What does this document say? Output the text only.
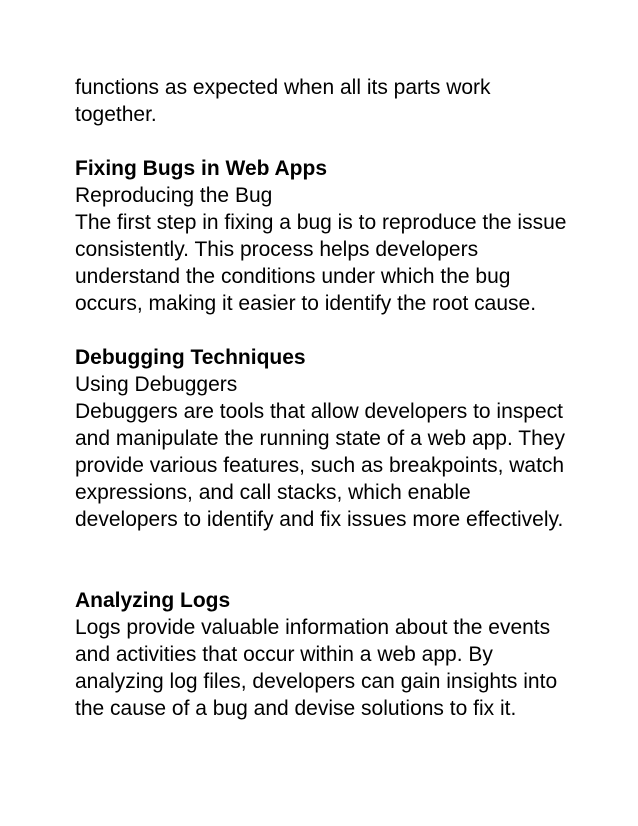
functions as expected when all its parts work
together.
Fixing Bugs in Web Apps
Reproducing the Bug
The first step in fixing a bug is to reproduce the issue
consistently. This process helps developers
understand the conditions under which the bug
occurs, making it easier to identify the root cause.
Debugging Techniques
Using Debuggers
Debuggers are tools that allow developers to inspect
and manipulate the running state of a web app. They
provide various features, such as breakpoints, watch
expressions, and call stacks, which enable
developers to identify and fix issues more effectively.
Analyzing Logs
Logs provide valuable information about the events
and activities that occur within a web app. By
analyzing log files, developers can gain insights into
the cause of a bug and devise solutions to fix it.
